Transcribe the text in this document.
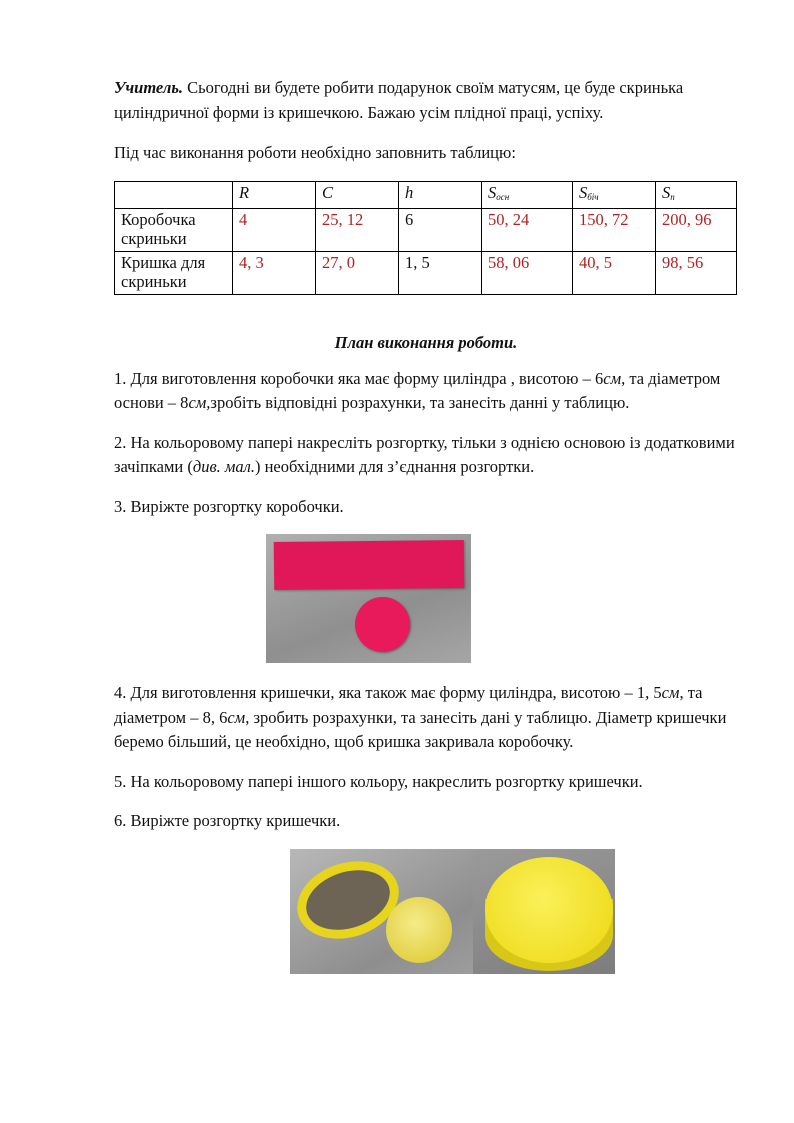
Учитель. Сьогодні ви будете робити подарунок своїм матусям, це буде скринька циліндричної форми із кришечкою. Бажаю усім плідної праці, успіху.

Під час виконання роботи необхідно заповнить таблицю:

	R	C	h	$S_{осн}$	$S_{біч}$	$S_п$
Коробочка скриньки	4	25, 12	6	50, 24	150, 72	200, 96
Кришка для скриньки	4, 3	27, 0	1, 5	58, 06	40, 5	98, 56
План виконання роботи.

1. Для виготовлення коробочки яка має форму циліндра , висотою – 6см, та діаметром основи – 8см,зробіть відповідні розрахунки, та занесіть данні у таблицю.

2. На кольоровому папері накресліть розгортку, тільки з однією основою із додатковими зачіпками (див. мал.) необхідними для з’єднання розгортки.

3. Виріжте розгортку коробочки.

4. Для виготовлення кришечки, яка також має форму циліндра, висотою – 1, 5см, та діаметром – 8, 6см, зробить розрахунки, та занесіть дані у таблицю. Діаметр кришечки беремо більший, це необхідно, щоб кришка закривала коробочку.

5. На кольоровому папері іншого кольору, накреслить розгортку кришечки.

6. Виріжте розгортку кришечки.
